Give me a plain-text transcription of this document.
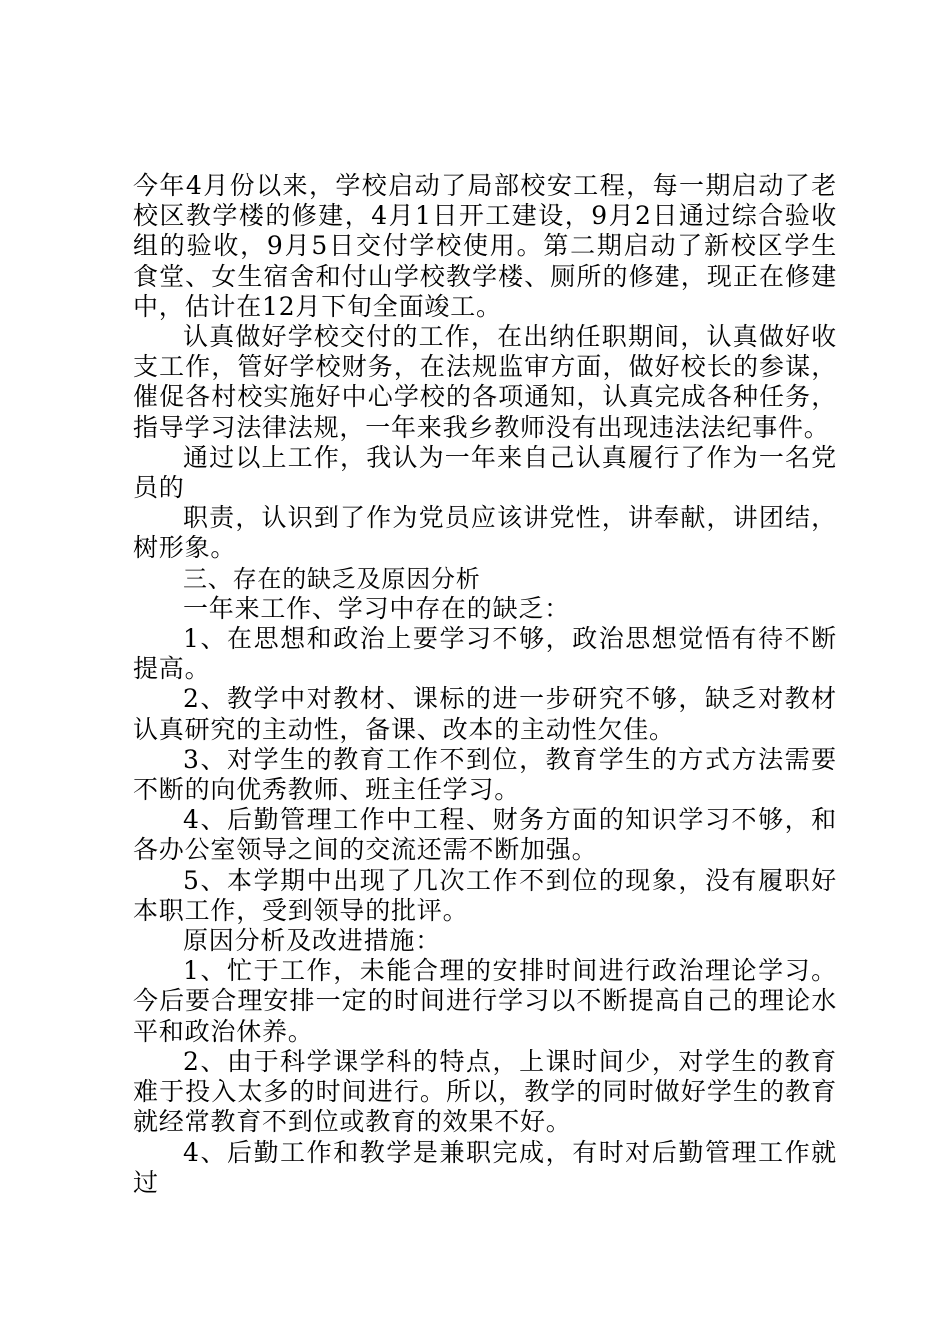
今年4月份以来，学校启动了局部校安工程，每一期启动了老校区教学楼的修建，4月1日开工建设，9月2日通过综合验收组的验收，9月5日交付学校使用。第二期启动了新校区学生食堂、女生宿舍和付山学校教学楼、厕所的修建，现正在修建中，估计在12月下旬全面竣工。

认真做好学校交付的工作，在出纳任职期间，认真做好收支工作，管好学校财务，在法规监审方面，做好校长的参谋，催促各村校实施好中心学校的各项通知，认真完成各种任务，指导学习法律法规，一年来我乡教师没有出现违法法纪事件。

通过以上工作，我认为一年来自己认真履行了作为一名党员的

职责，认识到了作为党员应该讲党性，讲奉献，讲团结，树形象。

三、存在的缺乏及原因分析

一年来工作、学习中存在的缺乏：

1、在思想和政治上要学习不够，政治思想觉悟有待不断提高。

2、教学中对教材、课标的进一步研究不够，缺乏对教材认真研究的主动性，备课、改本的主动性欠佳。

3、对学生的教育工作不到位，教育学生的方式方法需要不断的向优秀教师、班主任学习。

4、后勤管理工作中工程、财务方面的知识学习不够，和各办公室领导之间的交流还需不断加强。

5、本学期中出现了几次工作不到位的现象，没有履职好本职工作，受到领导的批评。

原因分析及改进措施：

1、忙于工作，未能合理的安排时间进行政治理论学习。今后要合理安排一定的时间进行学习以不断提高自己的理论水平和政治休养。

2、由于科学课学科的特点，上课时间少，对学生的教育难于投入太多的时间进行。所以，教学的同时做好学生的教育就经常教育不到位或教育的效果不好。

4、后勤工作和教学是兼职完成，有时对后勤管理工作就过
